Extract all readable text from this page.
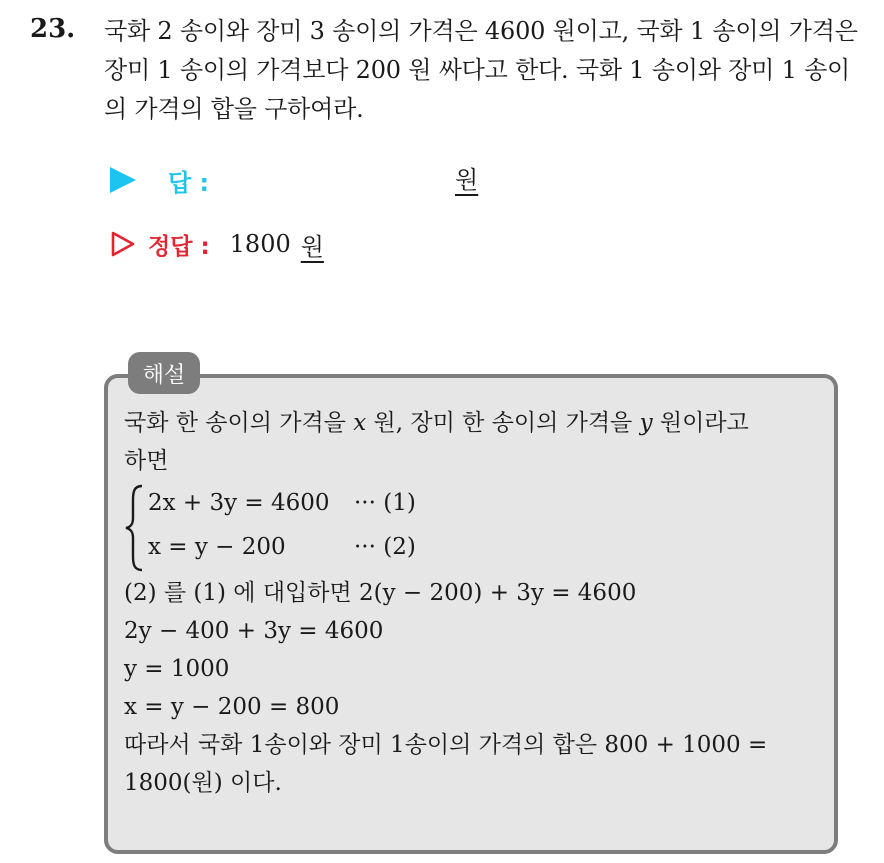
23. 국화 2 송이와 장미 3 송이의 가격은 4600 원이고, 국화 1 송이의 가격은 장미 1 송이의 가격보다 200 원 싸다고 한다. 국화 1 송이와 장미 1 송이의 가격의 합을 구하여라.
답 :	원
정답 : 1800 원
해설
국화 한 송이의 가격을 x 원, 장미 한 송이의 가격을 y 원이라고
하면
2x + 3y = 4600 ··· (1)
x = y − 200	··· (2)
(2) 를 (1) 에 대입하면 2(y − 200) + 3y = 4600
2y − 400 + 3y = 4600
y = 1000
x = y − 200 = 800
따라서 국화 1송이와 장미 1송이의 가격의 합은 800 + 1000 =
1800(원) 이다.
